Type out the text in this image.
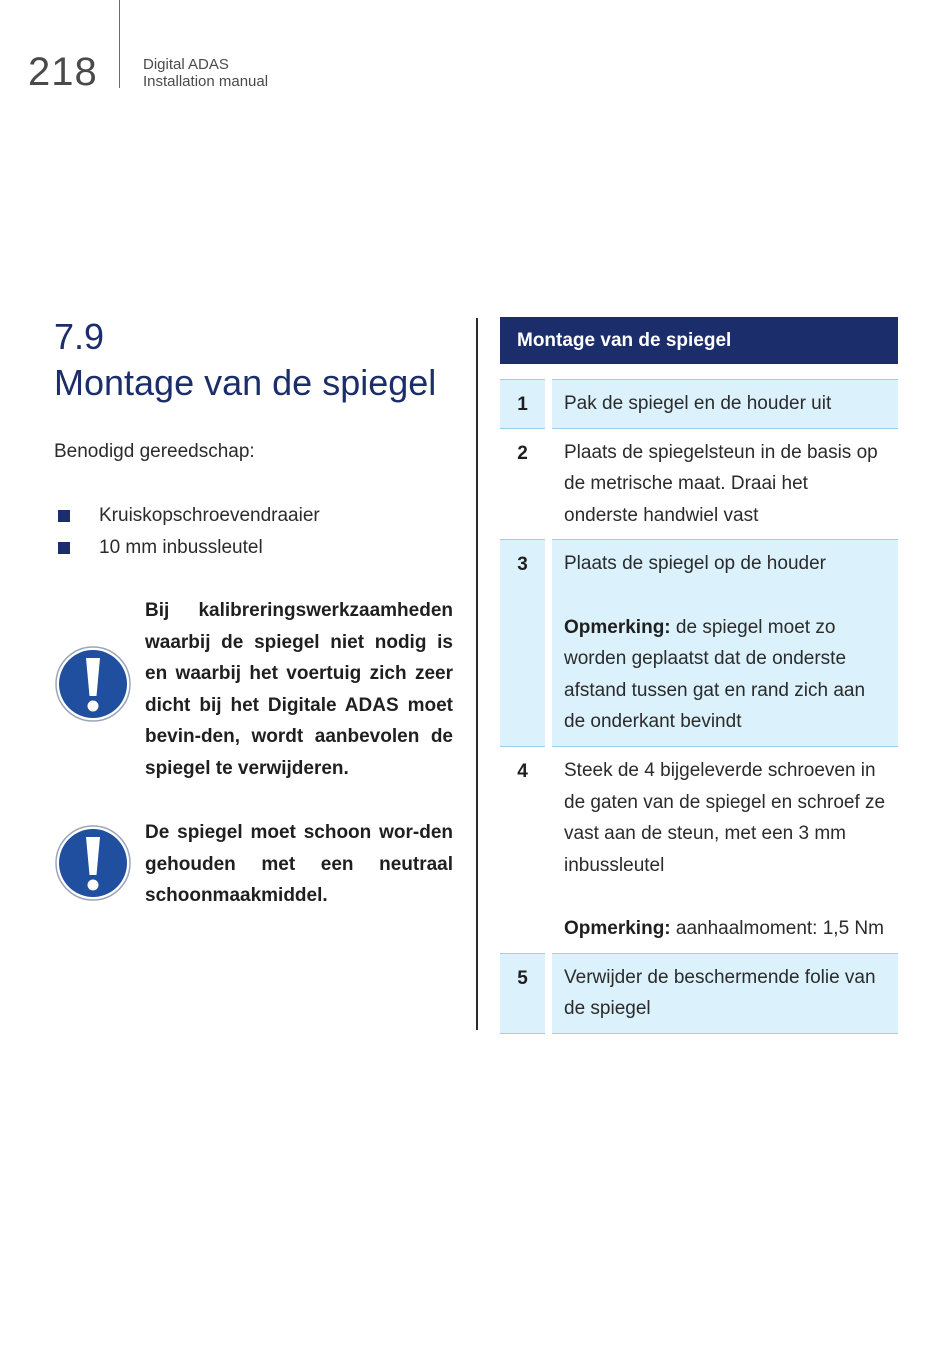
218	Digital ADAS
Installation manual
7.9
Montage van de spiegel
Benodigd gereedschap:
Kruiskopschroevendraaier
10 mm inbussleutel
Bij kalibreringswerkzaamheden waarbij de spiegel niet nodig is en waarbij het voertuig zich zeer dicht bij het Digitale ADAS moet bevin-den, wordt aanbevolen de spiegel te verwijderen.
De spiegel moet schoon wor-den gehouden met een neutraal schoonmaakmiddel.
Montage van de spiegel
1	Pak de spiegel en de houder uit
2	Plaats de spiegelsteun in de basis op de metrische maat. Draai het onderste handwiel vast
3	Plaats de spiegel op de houder
Opmerking: de spiegel moet zo worden geplaatst dat de onderste afstand tussen gat en rand zich aan de onderkant bevindt
4	Steek de 4 bijgeleverde schroeven in de gaten van de spiegel en schroef ze vast aan de steun, met een 3 mm inbussleutel
Opmerking: aanhaalmoment: 1,5 Nm
5	Verwijder de beschermende folie van de spiegel
